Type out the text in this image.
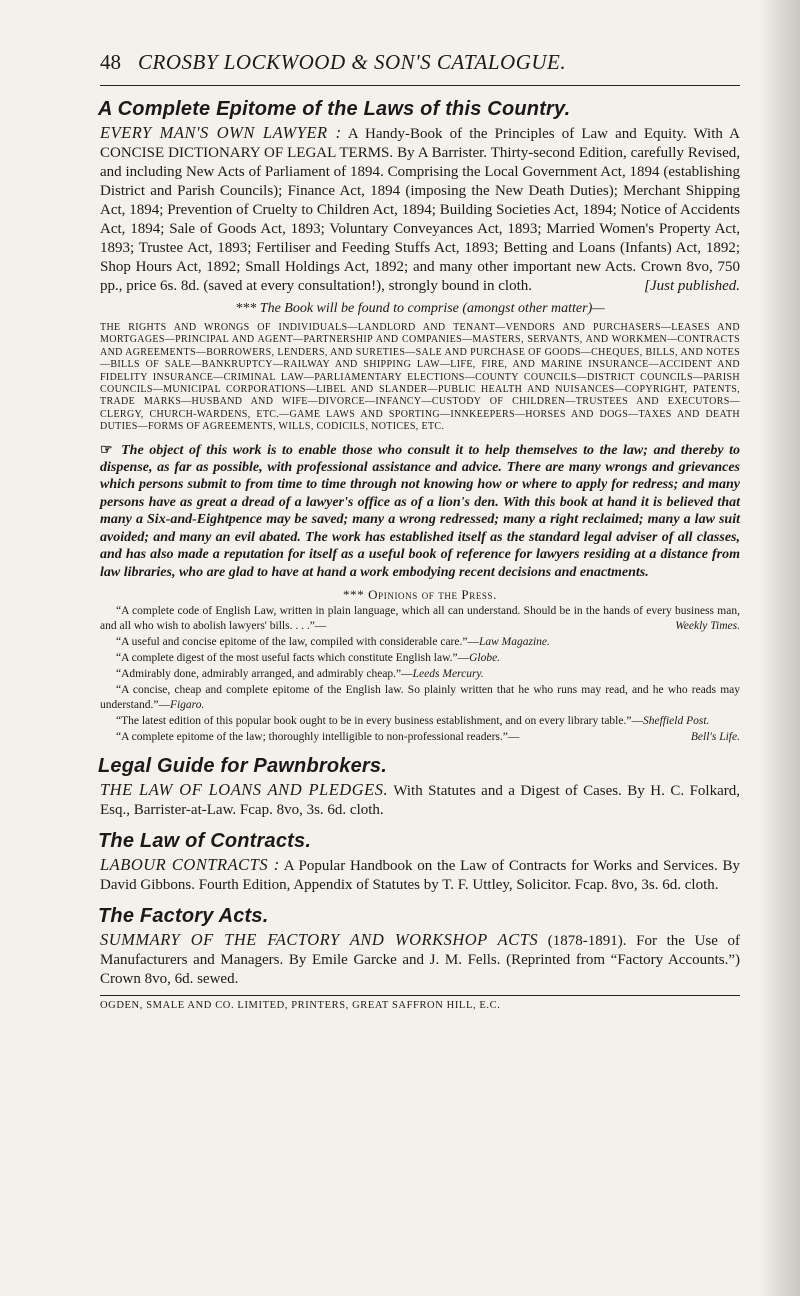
48 CROSBY LOCKWOOD & SON'S CATALOGUE.
A Complete Epitome of the Laws of this Country.

EVERY MAN'S OWN LAWYER : A Handy-Book of the Principles of Law and Equity. With A CONCISE DICTIONARY OF LEGAL TERMS. By A Barrister. Thirty-second Edition, carefully Revised, and including New Acts of Parliament of 1894. Comprising the Local Government Act, 1894 (establishing District and Parish Councils); Finance Act, 1894 (imposing the New Death Duties); Merchant Shipping Act, 1894; Prevention of Cruelty to Children Act, 1894; Building Societies Act, 1894; Notice of Accidents Act, 1894; Sale of Goods Act, 1893; Voluntary Conveyances Act, 1893; Married Women's Property Act, 1893; Trustee Act, 1893; Fertiliser and Feeding Stuffs Act, 1893; Betting and Loans (Infants) Act, 1892; Shop Hours Act, 1892; Small Holdings Act, 1892; and many other important new Acts. Crown 8vo, 750 pp., price 6s. 8d. (saved at every consultation!), strongly bound in cloth.	[Just published.

*** The Book will be found to comprise (amongst other matter)—

THE RIGHTS AND WRONGS OF INDIVIDUALS—LANDLORD AND TENANT—VENDORS AND PURCHASERS—LEASES AND MORTGAGES—PRINCIPAL AND AGENT—PARTNERSHIP AND COMPANIES—MASTERS, SERVANTS, AND WORKMEN—CONTRACTS AND AGREEMENTS—BORROWERS, LENDERS, AND SURETIES—SALE AND PURCHASE OF GOODS—CHEQUES, BILLS, AND NOTES—BILLS OF SALE—BANKRUPTCY—RAILWAY AND SHIPPING LAW—LIFE, FIRE, AND MARINE INSURANCE—ACCIDENT AND FIDELITY INSURANCE—CRIMINAL LAW—PARLIAMENTARY ELECTIONS—COUNTY COUNCILS—DISTRICT COUNCILS—PARISH COUNCILS—MUNICIPAL CORPORATIONS—LIBEL AND SLANDER—PUBLIC HEALTH AND NUISANCES—COPYRIGHT, PATENTS, TRADE MARKS—HUSBAND AND WIFE—DIVORCE—INFANCY—CUSTODY OF CHILDREN—TRUSTEES AND EXECUTORS—CLERGY, CHURCH-WARDENS, ETC.—GAME LAWS AND SPORTING—INNKEEPERS—HORSES AND DOGS—TAXES AND DEATH DUTIES—FORMS OF AGREEMENTS, WILLS, CODICILS, NOTICES, ETC.

☞ The object of this work is to enable those who consult it to help themselves to the law; and thereby to dispense, as far as possible, with professional assistance and advice. There are many wrongs and grievances which persons submit to from time to time through not knowing how or where to apply for redress; and many persons have as great a dread of a lawyer's office as of a lion's den. With this book at hand it is believed that many a Six-and-Eightpence may be saved; many a wrong redressed; many a right reclaimed; many a law suit avoided; and many an evil abated. The work has established itself as the standard legal adviser of all classes, and has also made a reputation for itself as a useful book of reference for lawyers residing at a distance from law libraries, who are glad to have at hand a work embodying recent decisions and enactments.

*** Opinions of the Press.

“A complete code of English Law, written in plain language, which all can understand. Should be in the hands of every business man, and all who wish to abolish lawyers' bills. . . .”—	Weekly Times.

“A useful and concise epitome of the law, compiled with considerable care.”—Law Magazine.

“A complete digest of the most useful facts which constitute English law.”—Globe.

“Admirably done, admirably arranged, and admirably cheap.”—Leeds Mercury.

“A concise, cheap and complete epitome of the English law. So plainly written that he who runs may read, and he who reads may understand.”—Figaro.

“The latest edition of this popular book ought to be in every business establishment, and on every library table.”—Sheffield Post.

“A complete epitome of the law; thoroughly intelligible to non-professional readers.”—	Bell's Life.

Legal Guide for Pawnbrokers.

THE LAW OF LOANS AND PLEDGES. With Statutes and a Digest of Cases. By H. C. Folkard, Esq., Barrister-at-Law. Fcap. 8vo, 3s. 6d. cloth.

The Law of Contracts.

LABOUR CONTRACTS : A Popular Handbook on the Law of Contracts for Works and Services. By David Gibbons. Fourth Edition, Appendix of Statutes by T. F. Uttley, Solicitor. Fcap. 8vo, 3s. 6d. cloth.

The Factory Acts.

SUMMARY OF THE FACTORY AND WORKSHOP ACTS (1878-1891). For the Use of Manufacturers and Managers. By Emile Garcke and J. M. Fells. (Reprinted from “Factory Accounts.”) Crown 8vo, 6d. sewed.

OGDEN, SMALE AND CO. LIMITED, PRINTERS, GREAT SAFFRON HILL, E.C.
